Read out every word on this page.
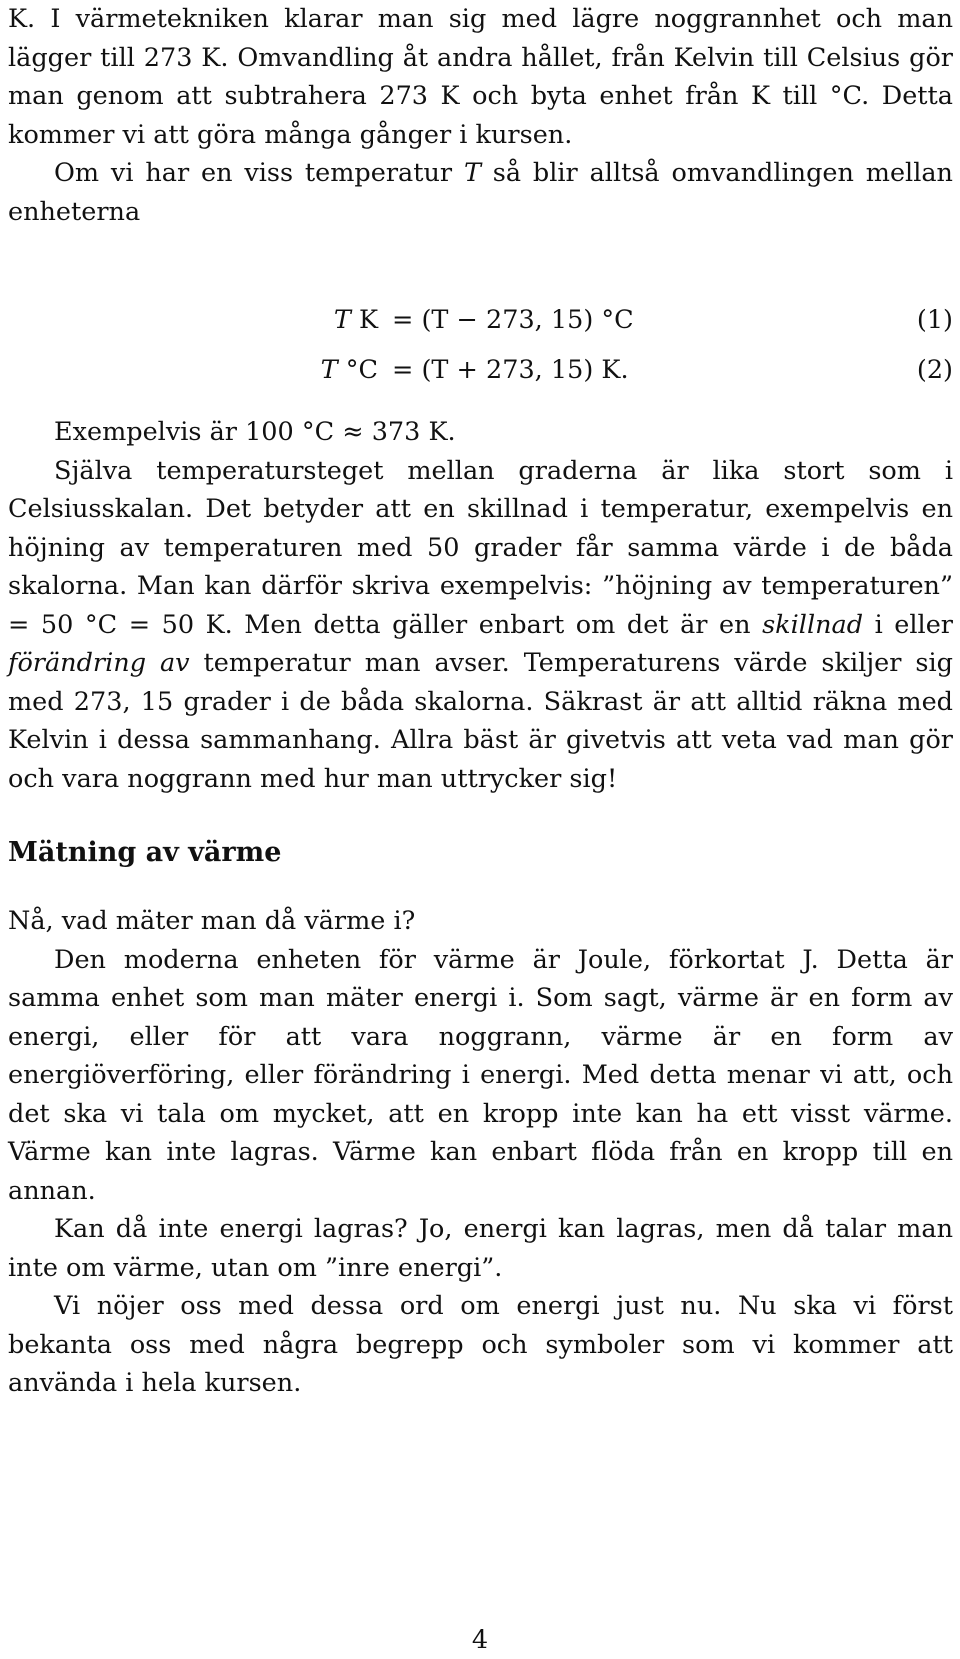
K. I värmetekniken klarar man sig med lägre noggrannhet och man lägger till 273 K. Omvandling åt andra hållet, från Kelvin till Celsius gör man genom att subtrahera 273 K och byta enhet från K till °C. Detta kommer vi att göra många gånger i kursen.

Om vi har en viss temperatur T så blir alltså omvandlingen mellan enheterna

T K = (T − 273, 15) °C	(1)
T °C = (T + 273, 15) K.	(2)

Exempelvis är 100 °C ≈ 373 K.

Själva temperatursteget mellan graderna är lika stort som i Celsiusskalan. Det betyder att en skillnad i temperatur, exempelvis en höjning av temperaturen med 50 grader får samma värde i de båda skalorna. Man kan därför skriva exempelvis: ”höjning av temperaturen” = 50 °C = 50 K. Men detta gäller enbart om det är en skillnad i eller förändring av temperatur man avser. Temperaturens värde skiljer sig med 273, 15 grader i de båda skalorna. Säkrast är att alltid räkna med Kelvin i dessa sammanhang. Allra bäst är givetvis att veta vad man gör och vara noggrann med hur man uttrycker sig!

Mätning av värme

Nå, vad mäter man då värme i?

Den moderna enheten för värme är Joule, förkortat J. Detta är samma enhet som man mäter energi i. Som sagt, värme är en form av energi, eller för att vara noggrann, värme är en form av energiöverföring, eller förändring i energi. Med detta menar vi att, och det ska vi tala om mycket, att en kropp inte kan ha ett visst värme. Värme kan inte lagras. Värme kan enbart flöda från en kropp till en annan.

Kan då inte energi lagras? Jo, energi kan lagras, men då talar man inte om värme, utan om ”inre energi”.

Vi nöjer oss med dessa ord om energi just nu. Nu ska vi först bekanta oss med några begrepp och symboler som vi kommer att använda i hela kursen.

4
